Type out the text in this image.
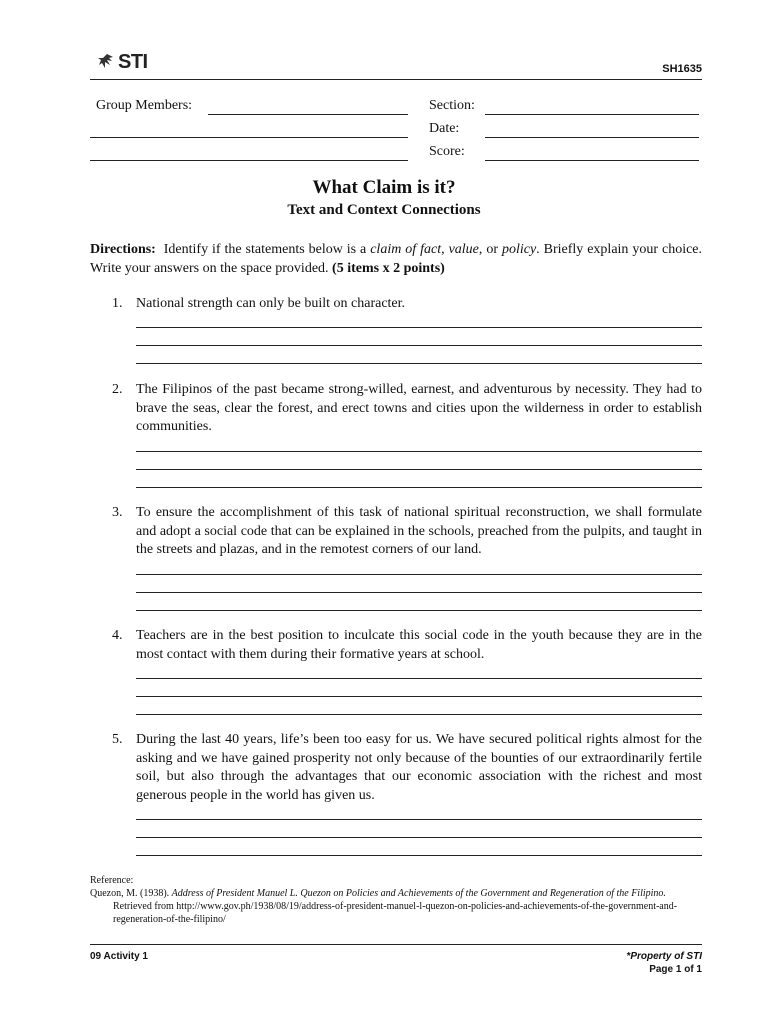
STI	SH1635
Group Members:	Section:
Date:
Score:
What Claim is it?
Text and Context Connections
Directions: Identify if the statements below is a claim of fact, value, or policy. Briefly explain your choice. Write your answers on the space provided. (5 items x 2 points)
1. National strength can only be built on character.
2. The Filipinos of the past became strong-willed, earnest, and adventurous by necessity. They had to brave the seas, clear the forest, and erect towns and cities upon the wilderness in order to establish communities.
3. To ensure the accomplishment of this task of national spiritual reconstruction, we shall formulate and adopt a social code that can be explained in the schools, preached from the pulpits, and taught in the streets and plazas, and in the remotest corners of our land.
4. Teachers are in the best position to inculcate this social code in the youth because they are in the most contact with them during their formative years at school.
5. During the last 40 years, life’s been too easy for us. We have secured political rights almost for the asking and we have gained prosperity not only because of the bounties of our extraordinarily fertile soil, but also through the advantages that our economic association with the richest and most generous people in the world has given us.
Reference:
Quezon, M. (1938). Address of President Manuel L. Quezon on Policies and Achievements of the Government and Regeneration of the Filipino. Retrieved from http://www.gov.ph/1938/08/19/address-of-president-manuel-l-quezon-on-policies-and-achievements-of-the-government-and-regeneration-of-the-filipino/
09 Activity 1	*Property of STI
Page 1 of 1
